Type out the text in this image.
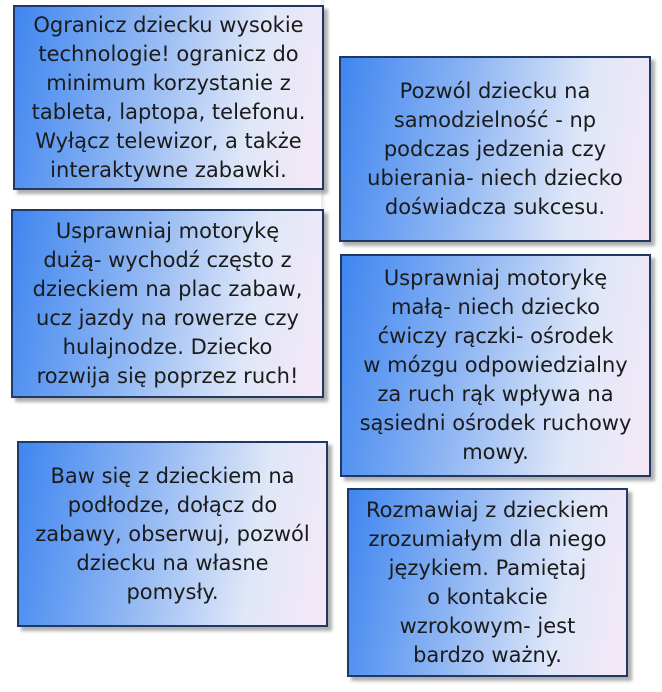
Ogranicz dziecku wysokie
technologie! ogranicz do
minimum korzystanie z
tableta, laptopa, telefonu.
Wyłącz telewizor, a także
interaktywne zabawki.
Pozwól dziecku na
samodzielność - np
podczas jedzenia czy
ubierania- niech dziecko
doświadcza sukcesu.
Usprawniaj motorykę
dużą- wychodź często z
dzieckiem na plac zabaw,
ucz jazdy na rowerze czy
hulajnodze. Dziecko
rozwija się poprzez ruch!
Usprawniaj motorykę
małą- niech dziecko
ćwiczy rączki- ośrodek
w mózgu odpowiedzialny
za ruch rąk wpływa na
sąsiedni ośrodek ruchowy
mowy.
Baw się z dzieckiem na
podłodze, dołącz do
zabawy, obserwuj, pozwól
dziecku na własne
pomysły.
Rozmawiaj z dzieckiem
zrozumiałym dla niego
językiem. Pamiętaj
o kontakcie
wzrokowym- jest
bardzo ważny.
